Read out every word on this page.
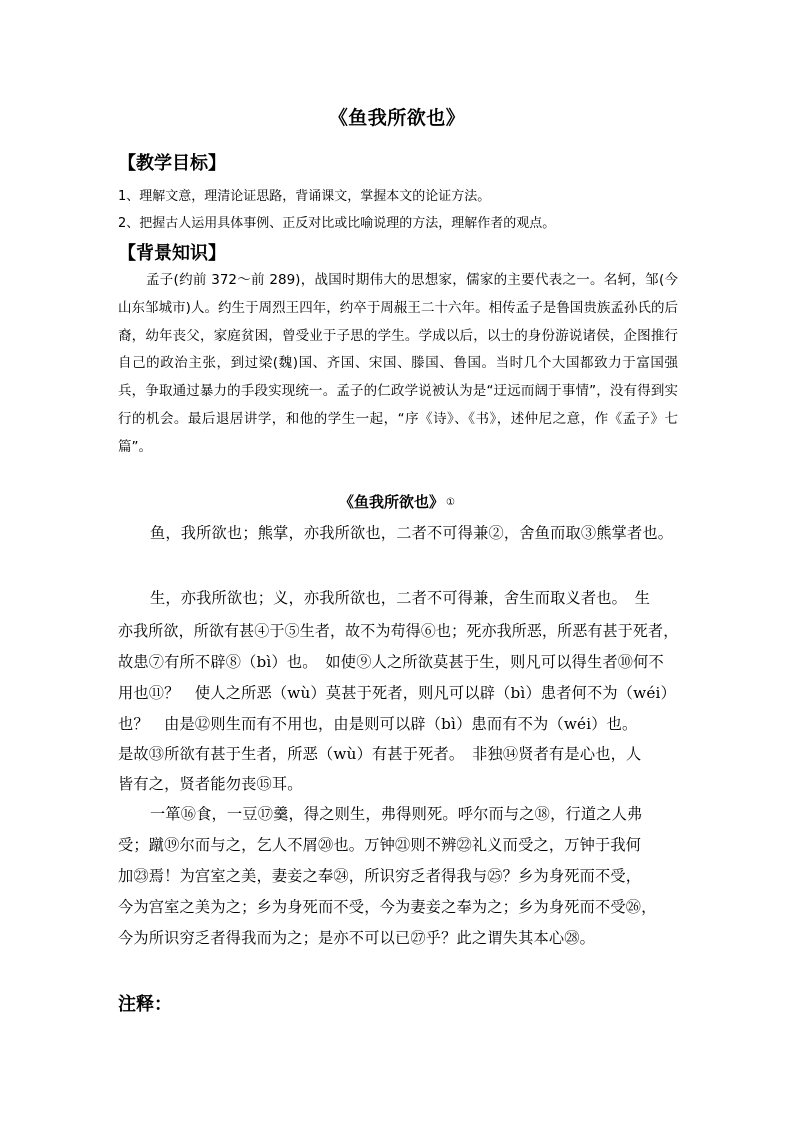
《鱼我所欲也》
【教学目标】
1、理解文意，理清论证思路，背诵课文，掌握本文的论证方法。
2、把握古人运用具体事例、正反对比或比喻说理的方法，理解作者的观点。
【背景知识】
孟子(约前 372～前 289)，战国时期伟大的思想家，儒家的主要代表之一。名轲，邹(今山东邹城市)人。约生于周烈王四年，约卒于周赧王二十六年。相传孟子是鲁国贵族孟孙氏的后裔，幼年丧父，家庭贫困，曾受业于子思的学生。学成以后，以士的身份游说诸侯，企图推行自己的政治主张，到过梁(魏)国、齐国、宋国、滕国、鲁国。当时几个大国都致力于富国强兵，争取通过暴力的手段实现统一。孟子的仁政学说被认为是“迂远而阔于事情”，没有得到实行的机会。最后退居讲学，和他的学生一起，“序《诗》、《书》，述仲尼之意，作《孟子》七篇”。
《鱼我所欲也》 ①
鱼，我所欲也；熊掌，亦我所欲也，二者不可得兼②，舍鱼而取③熊掌者也。
生，亦我所欲也；义，亦我所欲也，二者不可得兼，舍生而取义者也。　生
亦我所欲，所欲有甚④于⑤生者，故不为苟得⑥也；死亦我所恶，所恶有甚于死者，
故患⑦有所不辟⑧（bì）也。　如使⑨人之所欲莫甚于生，则凡可以得生者⑩何不
用也⑪？　使人之所恶（wù）莫甚于死者，则凡可以辟（bì）患者何不为（wéi）
也？　由是⑫则生而有不用也，由是则可以辟（bì）患而有不为（wéi）也。
是故⑬所欲有甚于生者，所恶（wù）有甚于死者。　非独⑭贤者有是心也，人
皆有之，贤者能勿丧⑮耳。
一箪⑯食，一豆⑰羹，得之则生，弗得则死。呼尔而与之⑱，行道之人弗
受；蹴⑲尔而与之，乞人不屑⑳也。万钟㉑则不辨㉒礼义而受之，万钟于我何
加㉓焉！为宫室之美，妻妾之奉㉔，所识穷乏者得我与㉕？乡为身死而不受，
今为宫室之美为之；乡为身死而不受，今为妻妾之奉为之；乡为身死而不受㉖，
今为所识穷乏者得我而为之；是亦不可以已㉗乎？此之谓失其本心㉘。
注释：
